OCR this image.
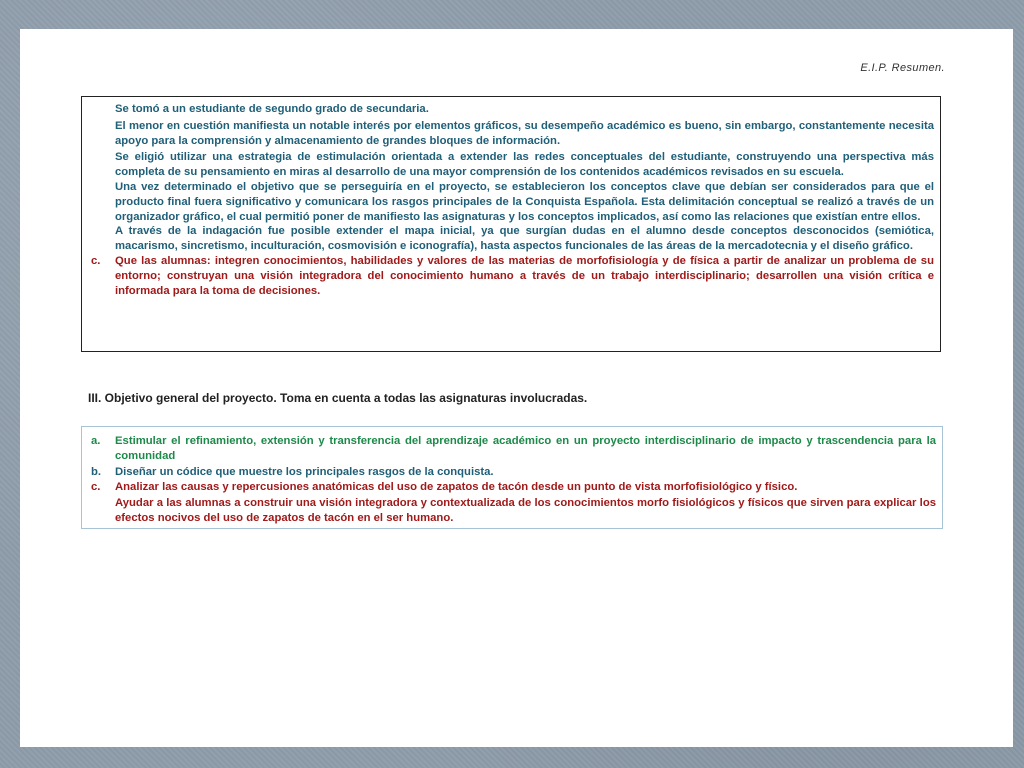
E.I.P. Resumen.

Se tomó a un estudiante de segundo grado de secundaria.

El menor en cuestión manifiesta un notable interés por elementos gráficos, su desempeño académico es bueno, sin embargo, constantemente necesita apoyo para la comprensión y almacenamiento de grandes bloques de información.

Se eligió utilizar una estrategia de estimulación orientada a extender las redes conceptuales del estudiante, construyendo una perspectiva más completa de su pensamiento en miras al desarrollo de una mayor comprensión de los contenidos académicos revisados en su escuela.

Una vez determinado el objetivo que se perseguiría en el proyecto, se establecieron los conceptos clave que debían ser considerados para que el producto final fuera significativo y comunicara los rasgos principales de la Conquista Española. Esta delimitación conceptual se realizó a través de un organizador gráfico, el cual permitió poner de manifiesto las asignaturas y los conceptos implicados, así como las relaciones que existían entre ellos.

A través de la indagación fue posible extender el mapa inicial, ya que surgían dudas en el alumno desde conceptos desconocidos (semiótica, macarismo, sincretismo, inculturación, cosmovisión e iconografía), hasta aspectos funcionales de las áreas de la mercadotecnia y el diseño gráfico.

c. Que las alumnas: integren conocimientos, habilidades y valores de las materias de morfofisiología y de física a partir de analizar un problema de su entorno; construyan una visión integradora del conocimiento humano a través de un trabajo interdisciplinario; desarrollen una visión crítica e informada para la toma de decisiones.

III. Objetivo general del proyecto. Toma en cuenta a todas las asignaturas involucradas.
a. Estimular el refinamiento, extensión y transferencia del aprendizaje académico en un proyecto interdisciplinario de impacto y trascendencia para la comunidad
b. Diseñar un códice que muestre los principales rasgos de la conquista.
c. Analizar las causas y repercusiones anatómicas del uso de zapatos de tacón desde un punto de vista morfofisiológico y físico.
Ayudar a las alumnas a construir una visión integradora y contextualizada de los conocimientos morfo fisiológicos y físicos que sirven para explicar los efectos nocivos del uso de zapatos de tacón en el ser humano.
